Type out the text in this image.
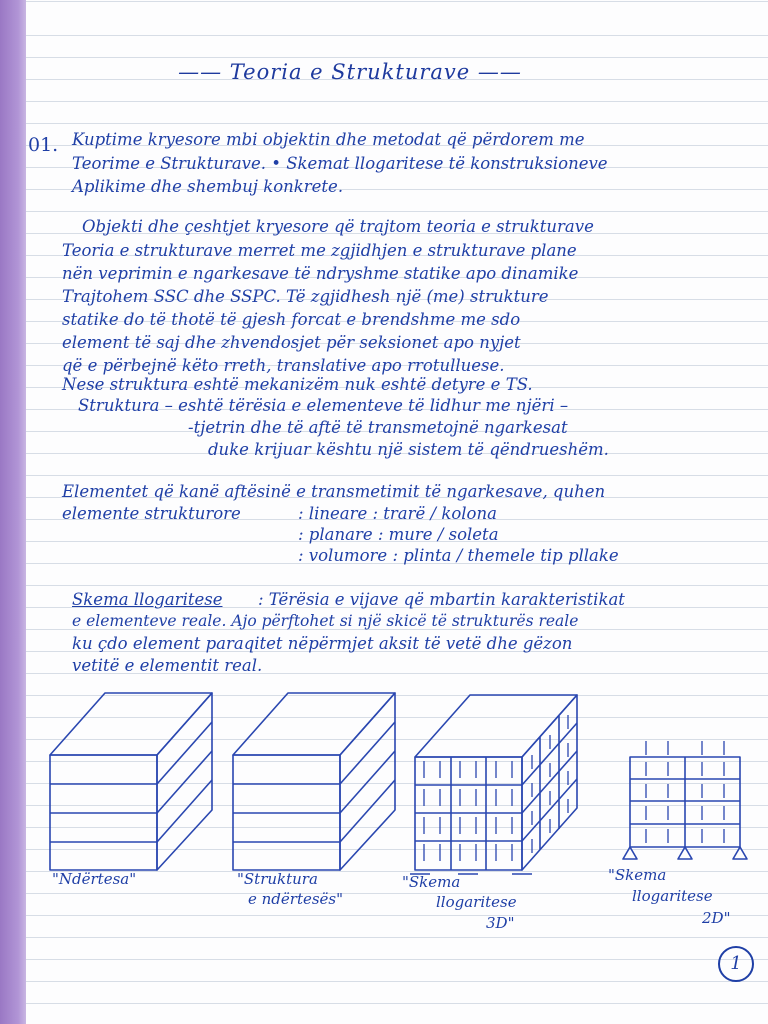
—— Teoria e Strukturave ——
01. Kuptime kryesore mbi objektin dhe metodat që përdorem me
Teorime e Strukturave. • Skemat llogaritese të konstruksioneve
Aplikime dhe shembuj konkrete.
Objekti dhe çeshtjet kryesore që trajtom teoria e strukturave
Teoria e strukturave merret me zgjidhjen e strukturave plane
nën veprimin e ngarkesave të ndryshme statike apo dinamike
Trajtohem SSC dhe SSPC. Të zgjidhesh një (me) strukture
statike do të thotë të gjesh forcat e brendshme me sdo
element të saj dhe zhvendosjet për seksionet apo nyjet
që e përbejnë këto rreth, translative apo rrotulluese.
Nese struktura eshtë mekanizëm nuk eshtë detyre e TS.
Struktura – eshtë tërësia e elementeve të lidhur me njëri –
-tjetrin dhe të aftë të transmetojnë ngarkesat
duke krijuar kështu një sistem të qëndrueshëm.
Elementet që kanë aftësinë e transmetimit të ngarkesave, quhen
elemente strukturore	: lineare : trarë / kolona
: planare : mure / soleta
: volumore : plinta / themele tip pllake
Skema llogaritese : Tërësia e vijave që mbartin karakteristikat
e elementeve reale. Ajo përftohet si një skicë të strukturës reale
ku çdo element paraqitet nëpërmjet aksit të vetë dhe gëzon
vetitë e elementit real.
"Ndërtesa"	"Struktura
e ndërtesës"
"Skema
llogaritese
3D"
"Skema
llogaritese
2D"
1
